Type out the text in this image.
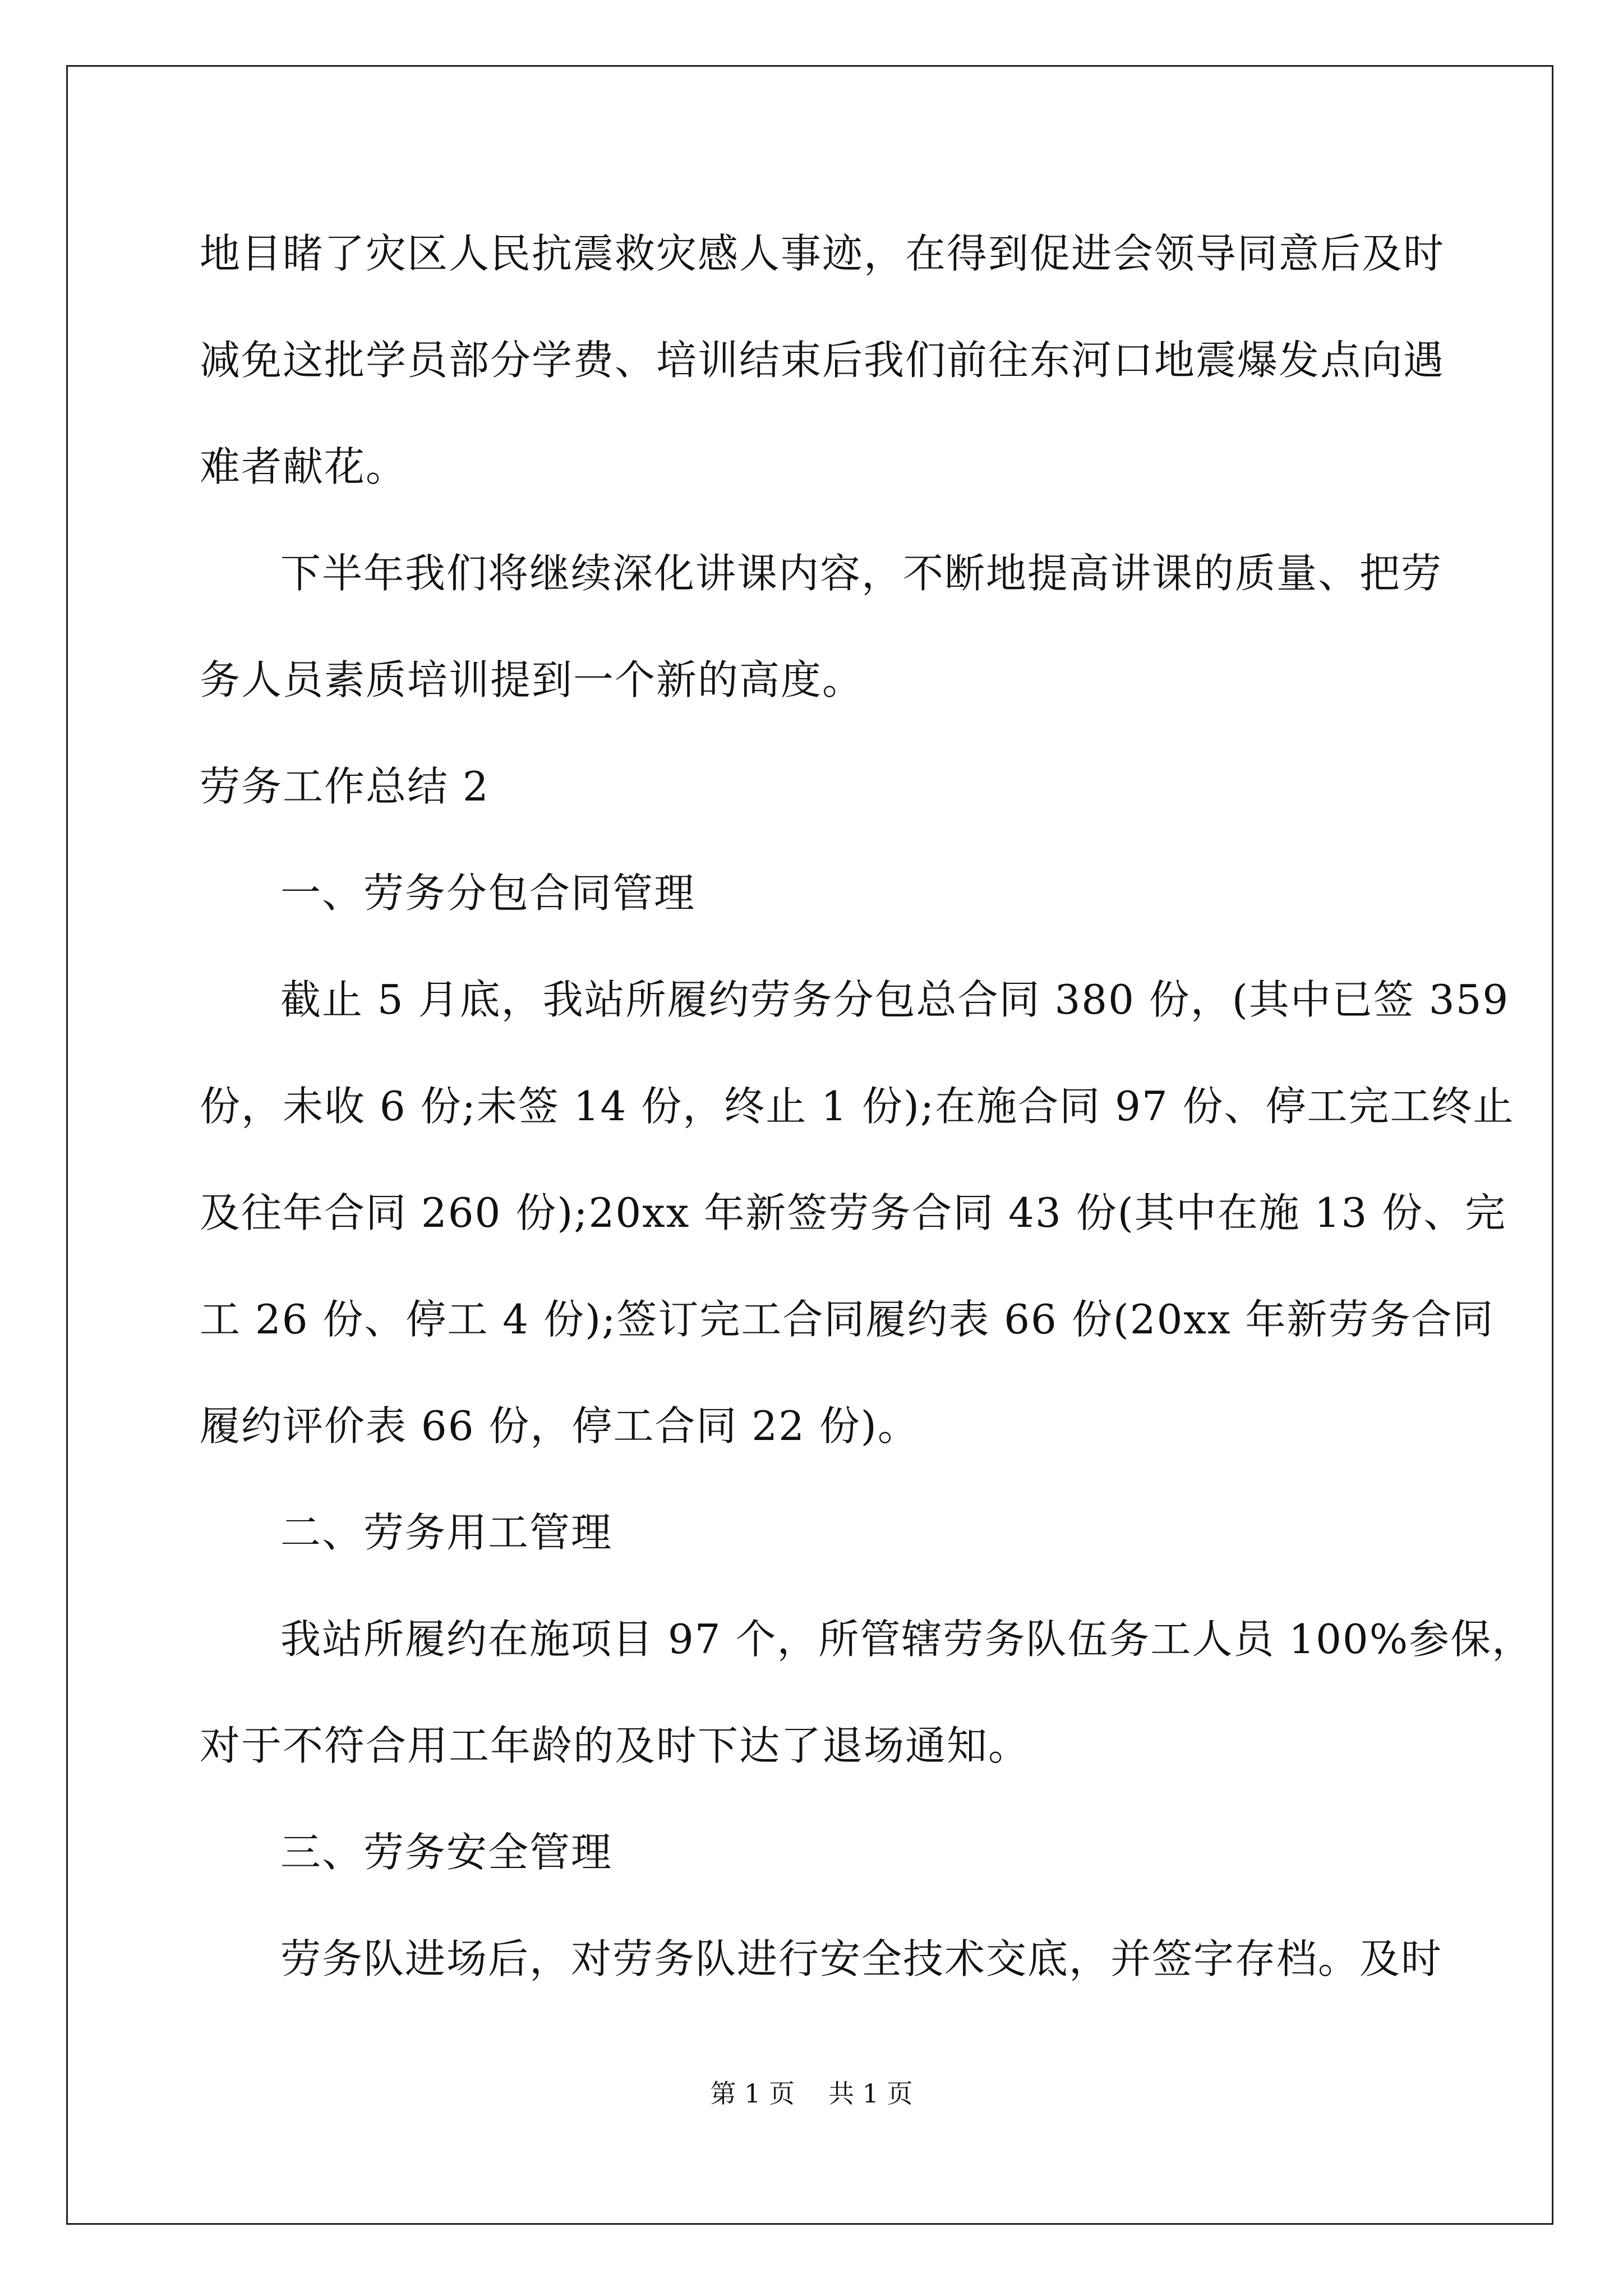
地目睹了灾区人民抗震救灾感人事迹，在得到促进会领导同意后及时
减免这批学员部分学费、培训结束后我们前往东河口地震爆发点向遇
难者献花。
下半年我们将继续深化讲课内容，不断地提高讲课的质量、把劳
务人员素质培训提到一个新的高度。
劳务工作总结 2
一、劳务分包合同管理
截止 5 月底，我站所履约劳务分包总合同 380 份，(其中已签 359
份，未收 6 份;未签 14 份，终止 1 份);在施合同 97 份、停工完工终止
及往年合同 260 份);20xx 年新签劳务合同 43 份(其中在施 13 份、完
工 26 份、停工 4 份);签订完工合同履约表 66 份(20xx 年新劳务合同
履约评价表 66 份，停工合同 22 份)。
二、劳务用工管理
我站所履约在施项目 97 个，所管辖劳务队伍务工人员 100%参保，
对于不符合用工年龄的及时下达了退场通知。
三、劳务安全管理
劳务队进场后，对劳务队进行安全技术交底，并签字存档。及时
第 1 页 共 1 页
